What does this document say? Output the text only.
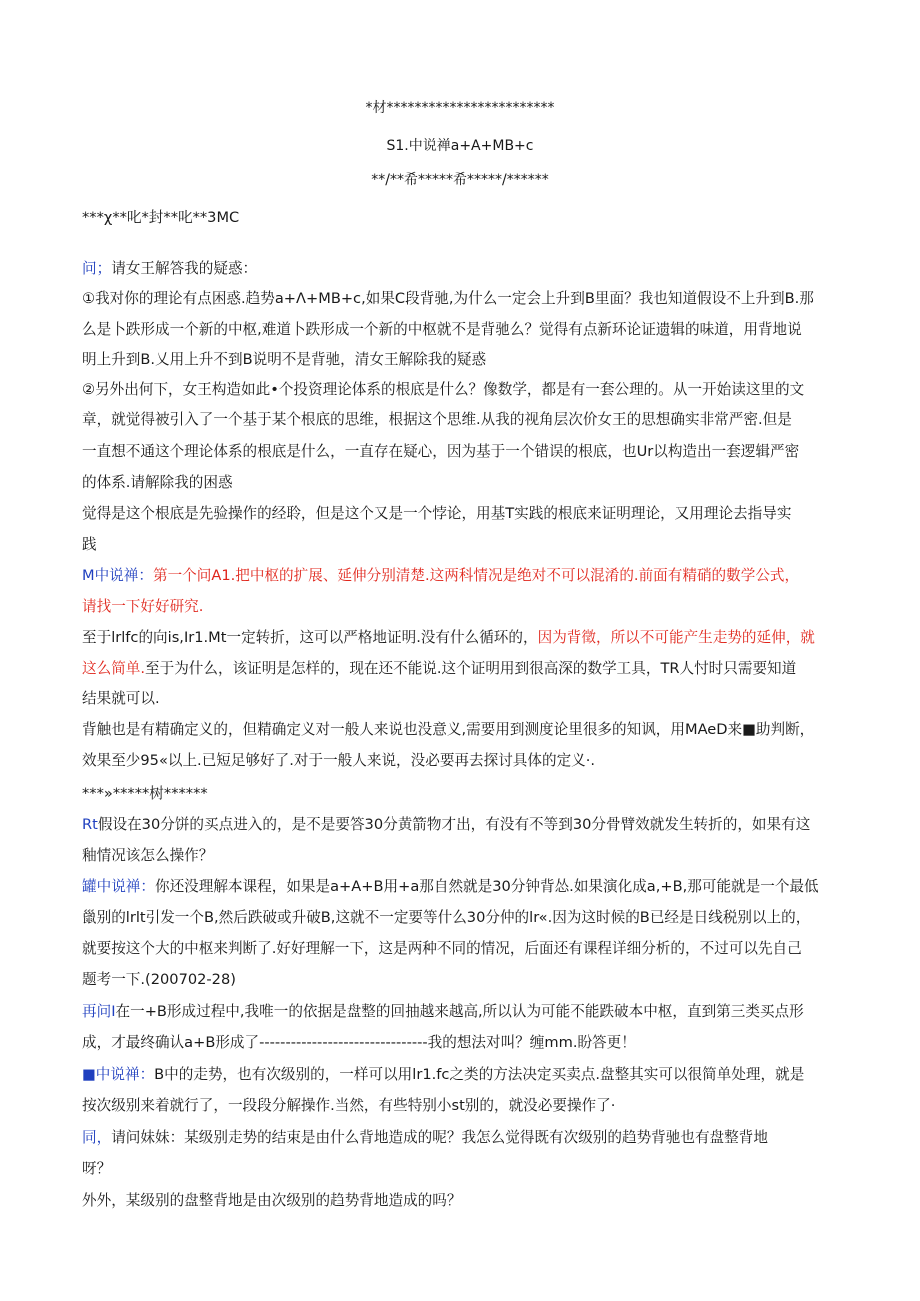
*材************************
S1.中说禅a+A+MB+c
**/**希*****希*****/******
***χ**叱*封**叱**3MC
问；请女王解答我的疑惑：
①我对你的理论有点困惑.趋势a+Λ+MB+c,如果C段背驰,为什么一定会上升到B里面？我也知道假设不上升到B.那
么是卜跌形成一个新的中枢,难道卜跌形成一个新的中枢就不是背驰么？觉得有点新环论证遗辑的味道，用背地说
明上升到B.乂用上升不到B说明不是背驰，清女王解除我的疑惑
②另外出何下，女王构造如此•个投资理论体系的根底是什么？像数学，都是有一套公理的。从一开始读这里的文
章，就觉得被引入了一个基于某个根底的思维，根据这个思维.从我的视角层次价女王的思想确实非常严密.但是
一直想不通这个理论体系的根底是什么，一直存在疑心，因为基于一个错误的根底，也Ur以构造出一套逻辑严密
的体系.请解除我的困惑
觉得是这个根底是先验操作的经聆，但是这个又是一个悖论，用基T实践的根底来证明理论，又用理论去指导实
践
M中说禅：第一个问A1.把中枢的扩展、延伸分别清楚.这两科情况是绝对不可以混淆的.前面有精硝的數学公式，
请找一下好好研究.
至于lrlfc的向is,Ir1.Mt一定转折，这可以严格地证明.没有什么循环的，因为背徵，所以不可能产生走势的延伸，就
这么简单.至于为什么，该证明是怎样的，现在还不能说.这个证明用到很高深的数学工具，TR人忖时只需要知道
结果就可以.
背触也是有精确定义的，但精确定义对一般人来说也没意义,需要用到测度论里很多的知讽，用MAeD来■助判断，
效果至少95«以上.已短足够好了.对于一般人来说，没必要再去探讨具体的定义·.
***»*****树******
Rt假设在30分饼的买点进入的，是不是要答30分黄箭物才出，有没有不等到30分骨臂效就发生转折的，如果有这
釉情况该怎么操作？
罐中说禅：你还没理解本课程，如果是a+A+B用+a那自然就是30分钟背怂.如果演化成a,+B,那可能就是一个最低
巤别的lrlt引发一个B,然后跌破或升破B,这就不一定要等什么30分仲的lr«.因为这时候的B已经是日线税别以上的，
就要按这个大的中枢来判断了.好好理解一下，这是两种不同的情况，后面还有课程详细分析的，不过可以先自己
题考一下.(200702-28)
再问I在一+B形成过程中,我唯一的依据是盘整的回抽越来越高,所以认为可能不能跌破本中枢，直到第三类买点形
成，才最终确认a+B形成了--------------------------------我的想法对叫？缠mm.盼答更！
■中说禅：B中的走势，也有次级别的，一样可以用lr1.fc之类的方法决定买卖点.盘整其实可以很简单处理，就是
按次级别来着就行了，一段段分解操作.当然，有些特别小st别的，就没必要操作了·
同，请问妹妹：某级别走势的结束是由什么背地造成的呢？我怎么觉得既有次级别的趋势背驰也有盘整背地
呀？
外外，某级别的盘整背地是由次级别的趋势背地造成的吗？
